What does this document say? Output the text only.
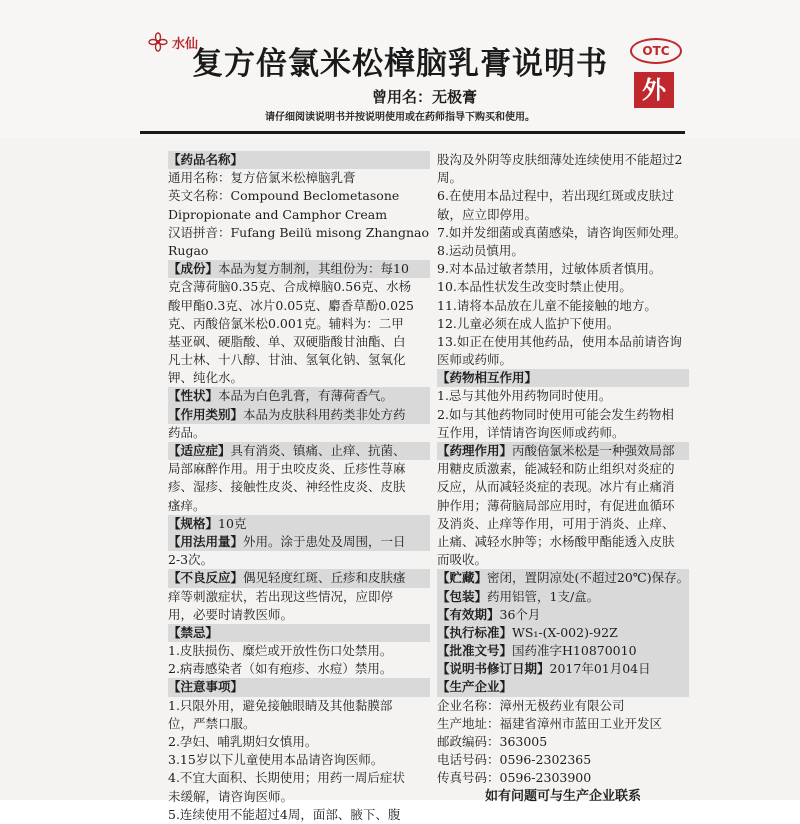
水仙
复方倍氯米松樟脑乳膏说明书
曾用名：无极膏
请仔细阅读说明书并按说明使用或在药师指导下购买和使用。
OTC
外
【药品名称】
通用名称：复方倍氯米松樟脑乳膏
英文名称：Compound Beclometasone
Dipropionate and Camphor Cream
汉语拼音：Fufang Beilü misong Zhangnao
Rugao
【成份】本品为复方制剂，其组份为：每10
克含薄荷脑0.35克、合成樟脑0.56克、水杨
酸甲酯0.3克、冰片0.05克、麝香草酚0.025
克、丙酸倍氯米松0.001克。辅料为：二甲
基亚砜、硬脂酸、单、双硬脂酸甘油酯、白
凡士林、十八醇、甘油、氢氧化钠、氢氧化
钾、纯化水。
【性状】本品为白色乳膏，有薄荷香气。
【作用类别】本品为皮肤科用药类非处方药
药品。
【适应症】具有消炎、镇痛、止痒、抗菌、
局部麻醉作用。用于虫咬皮炎、丘疹性荨麻
疹、湿疹、接触性皮炎、神经性皮炎、皮肤
瘙痒。
【规格】10克
【用法用量】外用。涂于患处及周围，一日
2-3次。
【不良反应】偶见轻度红斑、丘疹和皮肤瘙
痒等刺激症状，若出现这些情况，应即停
用，必要时请教医师。
【禁忌】
1.皮肤损伤、糜烂或开放性伤口处禁用。
2.病毒感染者（如有疱疹、水痘）禁用。
【注意事项】
1.只限外用，避免接触眼睛及其他黏膜部
位，严禁口服。
2.孕妇、哺乳期妇女慎用。
3.15岁以下儿童使用本品请咨询医师。
4.不宜大面积、长期使用；用药一周后症状
未缓解，请咨询医师。
5.连续使用不能超过4周，面部、腋下、腹
股沟及外阴等皮肤细薄处连续使用不能超过2
周。
6.在使用本品过程中，若出现红斑或皮肤过
敏，应立即停用。
7.如并发细菌或真菌感染，请咨询医师处理。
8.运动员慎用。
9.对本品过敏者禁用，过敏体质者慎用。
10.本品性状发生改变时禁止使用。
11.请将本品放在儿童不能接触的地方。
12.儿童必须在成人监护下使用。
13.如正在使用其他药品，使用本品前请咨询
医师或药师。
【药物相互作用】
1.忌与其他外用药物同时使用。
2.如与其他药物同时使用可能会发生药物相
互作用，详情请咨询医师或药师。
【药理作用】丙酸倍氯米松是一种强效局部
用糖皮质激素，能减轻和防止组织对炎症的
反应，从而减轻炎症的表现。冰片有止痛消
肿作用；薄荷脑局部应用时，有促进血循环
及消炎、止痒等作用，可用于消炎、止痒、
止痛、减轻水肿等；水杨酸甲酯能透入皮肤
而吸收。
【贮藏】密闭，置阴凉处(不超过20℃)保存。
【包装】药用铝管，1支/盒。
【有效期】36个月
【执行标准】WS₁-(X-002)-92Z
【批准文号】国药准字H10870010
【说明书修订日期】2017年01月04日
【生产企业】
企业名称：漳州无极药业有限公司
生产地址：福建省漳州市蓝田工业开发区
邮政编码：363005
电话号码：0596-2302365
传真号码：0596-2303900
如有问题可与生产企业联系
